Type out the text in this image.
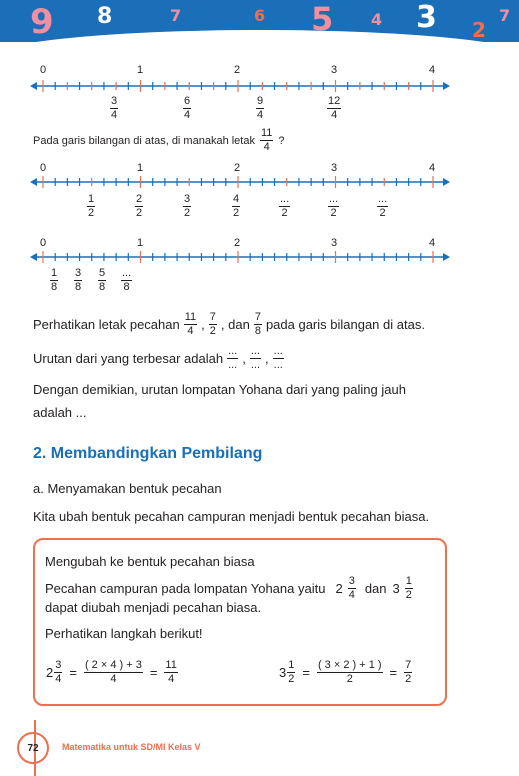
9 8	7	6 5 4 3 2
7
0	1	2	3	4
$\frac{3}{4}$	$\frac{6}{4}$	$\frac{9}{4}$	$\frac{12}{4}$
Pada garis bilangan di atas, di manakah letak $\frac{11}{4}$ ?
0	1	2	3	4
$\frac{1}{2}$	$\frac{2}{2}$	$\frac{3}{2}$	$\frac{4}{2}$	$\frac{...}{2}$	$\frac{...}{2}$	$\frac{...}{2}$
0	1	2	3	4
$\frac{1}{8} \frac{3}{8} \frac{5}{8} \frac{...}{8}$
Perhatikan letak pecahan $\frac{11}{4}$ , $\frac{7}{2}$ , dan $\frac{7}{8}$ pada garis bilangan di atas.
Urutan dari yang terbesar adalah $\frac{...}{...}$ , $\frac{...}{...}$ , $\frac{...}{...}$
Dengan demikian, urutan lompatan Yohana dari yang paling jauh
adalah ...
2. Membandingkan Pembilang
a. Menyamakan bentuk pecahan
Kita ubah bentuk pecahan campuran menjadi bentuk pecahan biasa.
Mengubah ke bentuk pecahan biasa
Pecahan campuran pada lompatan Yohana yaitu $2 \frac{3}{4}$ dan $3 \frac{1}{2}$
dapat diubah menjadi pecahan biasa.
Perhatikan langkah berikut!
$2 \frac{3}{4} = \frac{( 2 \times 4 ) + 3}{4} = \frac{11}{4}$	$3 \frac{1}{2} = \frac{( 3 \times 2 ) + 1 )}{2} = \frac{7}{2}$
72	Matematika untuk SD/MI Kelas V
